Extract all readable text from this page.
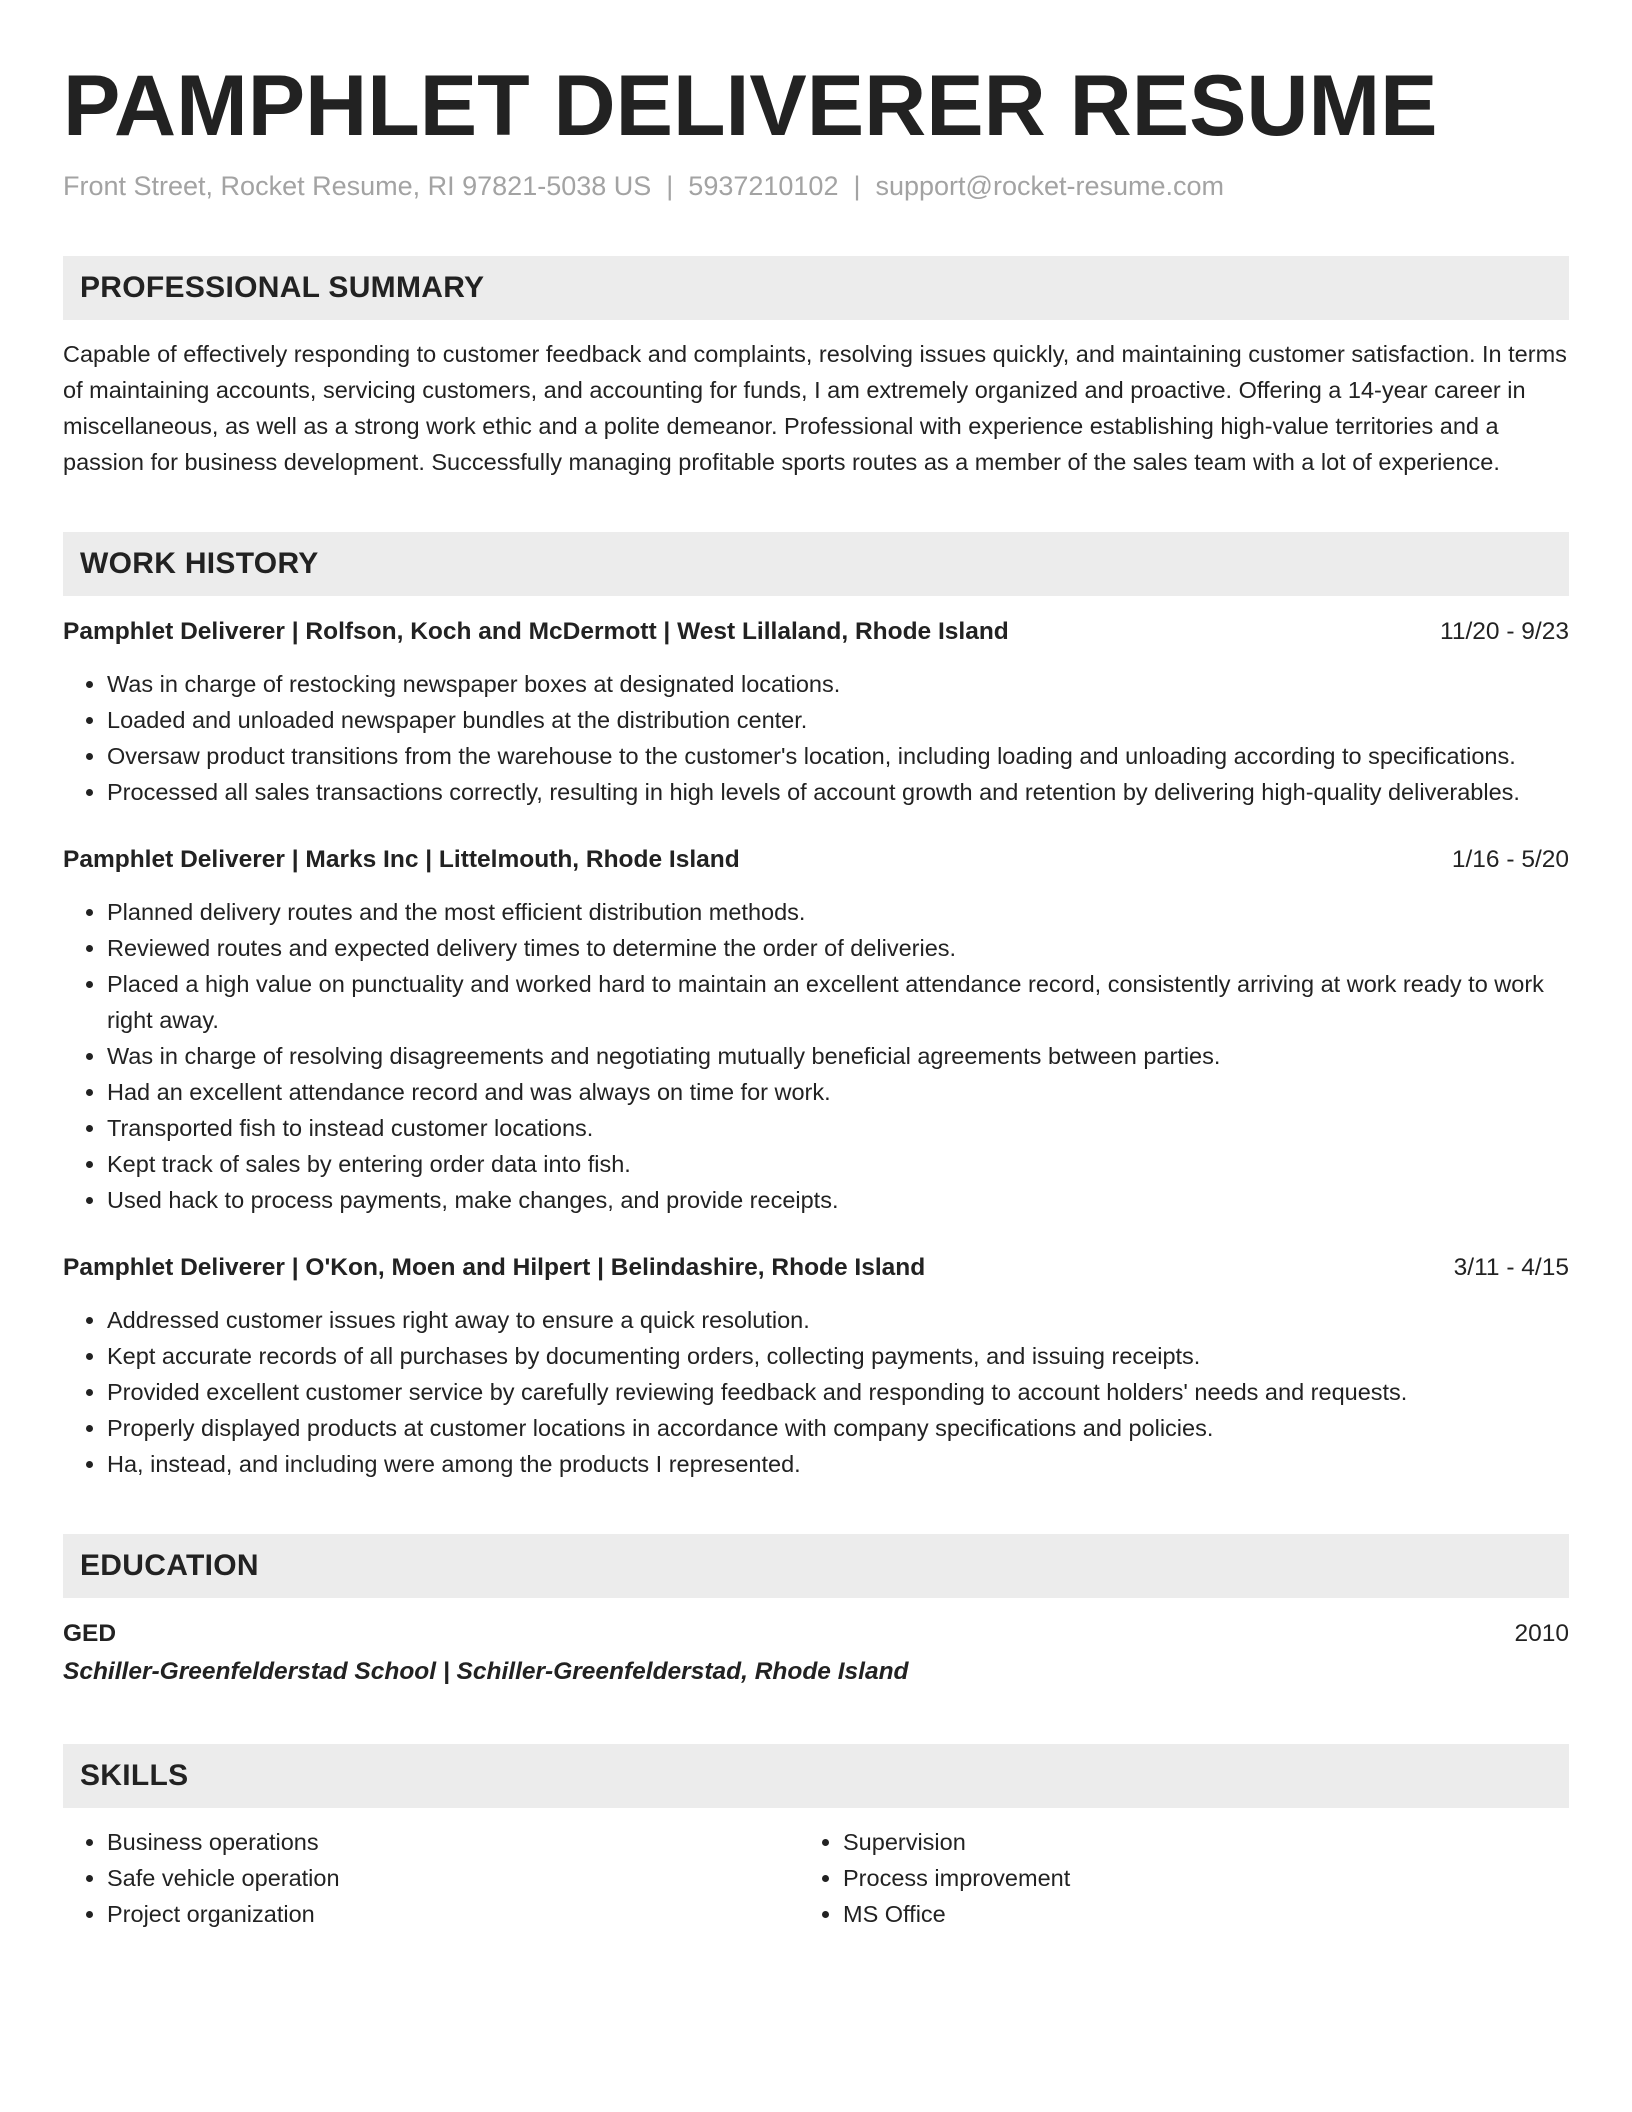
PAMPHLET DELIVERER RESUME
Front Street, Rocket Resume, RI 97821-5038 US | 5937210102 | support@rocket-resume.com
PROFESSIONAL SUMMARY
Capable of effectively responding to customer feedback and complaints, resolving issues quickly, and maintaining customer satisfaction. In terms of maintaining accounts, servicing customers, and accounting for funds, I am extremely organized and proactive. Offering a 14-year career in miscellaneous, as well as a strong work ethic and a polite demeanor. Professional with experience establishing high-value territories and a passion for business development. Successfully managing profitable sports routes as a member of the sales team with a lot of experience.
WORK HISTORY
Pamphlet Deliverer | Rolfson, Koch and McDermott | West Lillaland, Rhode Island	11/20 - 9/23
• Was in charge of restocking newspaper boxes at designated locations.
• Loaded and unloaded newspaper bundles at the distribution center.
• Oversaw product transitions from the warehouse to the customer's location, including loading and unloading according to specifications.
• Processed all sales transactions correctly, resulting in high levels of account growth and retention by delivering high-quality deliverables.
Pamphlet Deliverer | Marks Inc | Littelmouth, Rhode Island	1/16 - 5/20
• Planned delivery routes and the most efficient distribution methods.
• Reviewed routes and expected delivery times to determine the order of deliveries.
• Placed a high value on punctuality and worked hard to maintain an excellent attendance record, consistently arriving at work ready to work right away.
• Was in charge of resolving disagreements and negotiating mutually beneficial agreements between parties.
• Had an excellent attendance record and was always on time for work.
• Transported fish to instead customer locations.
• Kept track of sales by entering order data into fish.
• Used hack to process payments, make changes, and provide receipts.
Pamphlet Deliverer | O'Kon, Moen and Hilpert | Belindashire, Rhode Island	3/11 - 4/15
• Addressed customer issues right away to ensure a quick resolution.
• Kept accurate records of all purchases by documenting orders, collecting payments, and issuing receipts.
• Provided excellent customer service by carefully reviewing feedback and responding to account holders' needs and requests.
• Properly displayed products at customer locations in accordance with company specifications and policies.
• Ha, instead, and including were among the products I represented.
EDUCATION
GED	2010
Schiller-Greenfelderstad School | Schiller-Greenfelderstad, Rhode Island
SKILLS
• Business operations
• Safe vehicle operation
• Project organization
• Supervision
• Process improvement
• MS Office
